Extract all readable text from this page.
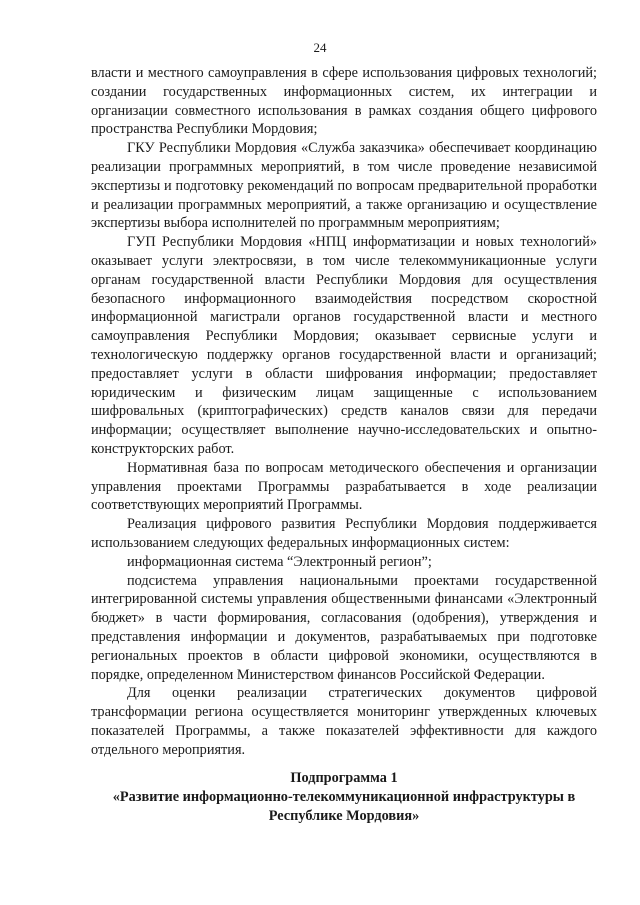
24

власти и местного самоуправления в сфере использования цифровых технологий; создании государственных информационных систем, их интеграции и организации совместного использования в рамках создания общего цифрового пространства Республики Мордовия;

ГКУ Республики Мордовия «Служба заказчика» обеспечивает координацию реализации программных мероприятий, в том числе проведение независимой экспертизы и подготовку рекомендаций по вопросам предварительной проработки и реализации программных мероприятий, а также организацию и осуществление экспертизы выбора исполнителей по программным мероприятиям;

ГУП Республики Мордовия «НПЦ информатизации и новых технологий» оказывает услуги электросвязи, в том числе телекоммуникационные услуги органам государственной власти Республики Мордовия для осуществления безопасного информационного взаимодействия посредством скоростной информационной магистрали органов государственной власти и местного самоуправления Республики Мордовия; оказывает сервисные услуги и технологическую поддержку органов государственной власти и организаций; предоставляет услуги в области шифрования информации; предоставляет юридическим и физическим лицам защищенные с использованием шифровальных (криптографических) средств каналов связи для передачи информации; осуществляет выполнение научно-исследовательских и опытно-конструкторских работ.

Нормативная база по вопросам методического обеспечения и организации управления проектами Программы разрабатывается в ходе реализации соответствующих мероприятий Программы.

Реализация цифрового развития Республики Мордовия поддерживается использованием следующих федеральных информационных систем:

информационная система “Электронный регион”;

подсистема управления национальными проектами государственной интегрированной системы управления общественными финансами «Электронный бюджет» в части формирования, согласования (одобрения), утверждения и представления информации и документов, разрабатываемых при подготовке региональных проектов в области цифровой экономики, осуществляются в порядке, определенном Министерством финансов Российской Федерации.

Для оценки реализации стратегических документов цифровой трансформации региона осуществляется мониторинг утвержденных ключевых показателей Программы, а также показателей эффективности для каждого отдельного мероприятия.

Подпрограмма 1
«Развитие информационно-телекоммуникационной инфраструктуры в
Республике Мордовия»
